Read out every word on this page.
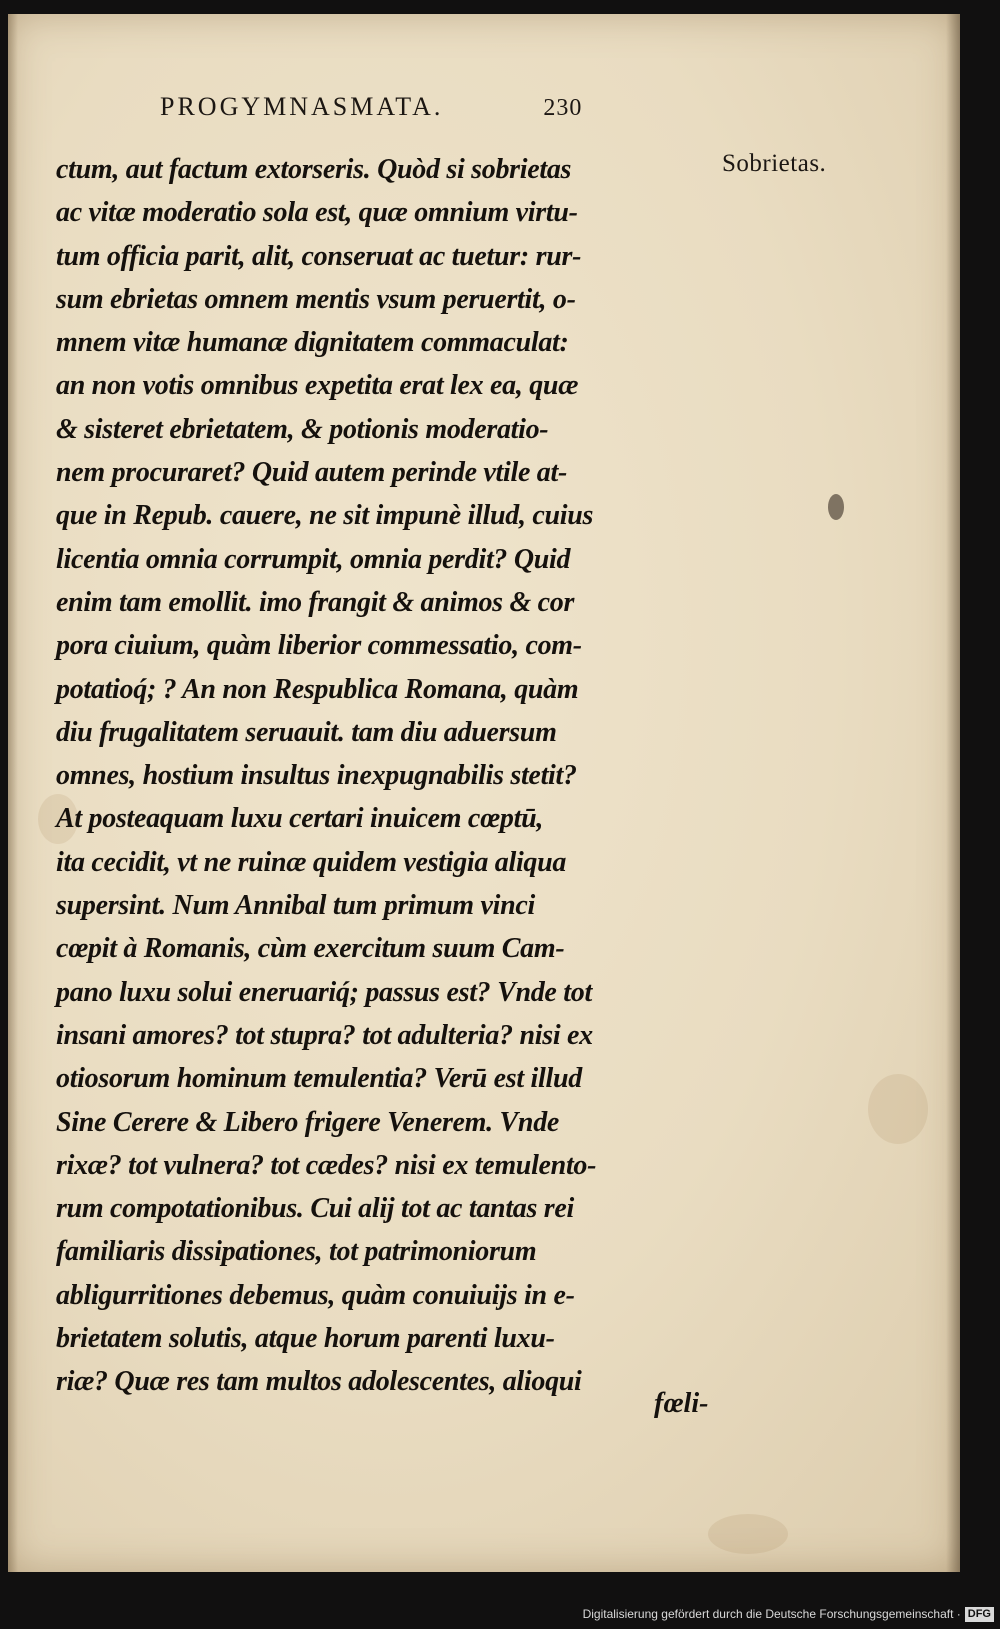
PROGYMNASMATA.	230
Sobrietas.
ctum, aut factum extorseris. Quòd si sobrietas
ac vitæ moderatio sola est, quæ omnium virtu-
tum officia parit, alit, conseruat ac tuetur: rur-
sum ebrietas omnem mentis vsum peruertit, o-
mnem vitæ humanæ dignitatem commaculat:
an non votis omnibus expetita erat lex ea, quæ
& sisteret ebrietatem, & potionis moderatio-
nem procuraret? Quid autem perinde vtile at-
que in Repub. cauere, ne sit impunè illud, cuius
licentia omnia corrumpit, omnia perdit? Quid
enim tam emollit. imo frangit & animos & cor
pora ciuium, quàm liberior commessatio, com-
potatioq́; ? An non Respublica Romana, quàm
diu frugalitatem seruauit. tam diu aduersum
omnes, hostium insultus inexpugnabilis stetit?
At posteaquam luxu certari inuicem cœptū,
ita cecidit, vt ne ruinæ quidem vestigia aliqua
supersint. Num Annibal tum primum vinci
cœpit à Romanis, cùm exercitum suum Cam-
pano luxu solui eneruariq́; passus est? Vnde tot
insani amores? tot stupra? tot adulteria? nisi ex
otiosorum hominum temulentia? Verū est illud
Sine Cerere & Libero frigere Venerem. Vnde
rixæ? tot vulnera? tot cædes? nisi ex temulento-
rum compotationibus. Cui alij tot ac tantas rei
familiaris dissipationes, tot patrimoniorum
abligurritiones debemus, quàm conuiuijs in e-
brietatem solutis, atque horum parenti luxu-
riæ? Quæ res tam multos adolescentes, alioqui
fœli-
Digitalisierung gefördert durch die Deutsche Forschungsgemeinschaft · DFG
